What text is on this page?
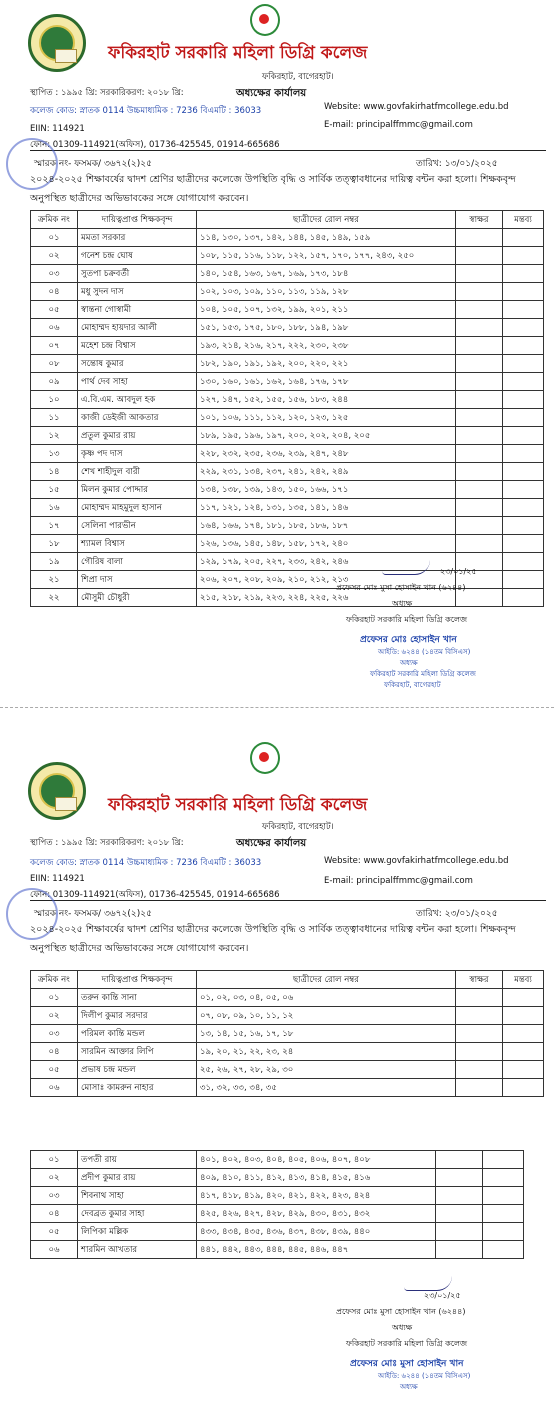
ফকিরহাট সরকারি মহিলা ডিগ্রি কলেজ
ফকিরহাট, বাগেরহাট।
স্থাপিত : ১৯৯৫ খ্রি: সরকারিকরণ: ২০১৮ খ্রি:	অধ্যক্ষের কার্যালয়
কলেজ কোড: স্নাতক 0114 উচ্চমাধ্যমিক : 7236 বিএমটি : 36033	Website: www.govfakirhatfmcollege.edu.bd
EIIN: 114921	E-mail: principalffmmc@gmail.com
ফোন: 01309-114921(অফিস), 01736-425545, 01914-665686
স্মারক নং- ফসমক/ ৩৬৭২(২)২৫	তারিখ: ১৩/০১/২০২৫
২০২৪-২০২৫ শিক্ষাবর্ষের দ্বাদশ শ্রেণির ছাত্রীদের কলেজে উপস্থিতি বৃদ্ধি ও সার্বিক তত্ত্বাবধানের দায়িত্ব বন্টন করা হলো। শিক্ষকবৃন্দ অনুপস্থিত ছাত্রীদের অভিভাবকের সঙ্গে যোগাযোগ করবেন।
ক্রমিক নং	দায়িত্বপ্রাপ্ত শিক্ষকবৃন্দ	ছাত্রীদের রোল নম্বর	স্বাক্ষর	মন্তব্য
০১	মমতা সরকার	১১৪, ১৩০, ১৩৭, ১৪২, ১৪৪, ১৪৫, ১৪৯, ১৫৯		
০২	গনেশ চন্দ্র ঘোষ	১০৮, ১১৫, ১১৬, ১১৮, ১২২, ১৫৭, ১৭০, ১৭৭, ২৪৩, ২৫০		
০৩	সুতপা চক্রবর্তী	১৪০, ১৫৪, ১৬৩, ১৬৭, ১৬৯, ১৭৩, ১৮৪		
০৪	মধু সুদন দাস	১০২, ১০৩, ১০৯, ১১০, ১১৩, ১১৯, ১২৮		
০৫	স্বান্তনা গোস্বামী	১০৪, ১০৫, ১০৭, ১৩২, ১৯৯, ২০১, ২১১		
০৬	মোহাম্মদ হায়দার আলী	১৫১, ১৫৩, ১৭৫, ১৮০, ১৮৮, ১৯৪, ১৯৮		
০৭	মহেশ চন্দ্র বিশ্বাস	১৯৩, ২১৪, ২১৬, ২১৭, ২২২, ২৩০, ২৩৮		
০৮	সন্তোষ কুমার	১৮২, ১৯০, ১৯১, ১৯২, ২০০, ২২০, ২২১		
০৯	পার্থ দেব সাহা	১৩০, ১৬০, ১৬১, ১৬২, ১৬৪, ১৭৬, ১৭৮		
১০	এ.বি.এম. আবদুল হক	১২৭, ১৪৭, ১৫২, ১৫৫, ১৫৬, ১৮৩, ২৪৪		
১১	কাজী ডেইজী আকতার	১০১, ১০৬, ১১১, ১১২, ১২০, ১২৩, ১২৫		
১২	প্রতুল কুমার রায়	১৮৯, ১৯৫, ১৯৬, ১৯৭, ২০০, ২০২, ২০৪, ২০৫		
১৩	কৃষ্ণ পদ দাস	২২৮, ২৩২, ২৩৫, ২৩৬, ২৩৯, ২৪৭, ২৪৮		
১৪	শেখ শাহীদুল বারী	২২৯, ২৩১, ১৩৪, ২৩৭, ২৪১, ২৪২, ২৪৯		
১৫	মিলন কুমার পোদ্দার	১৩৪, ১৩৮, ১৩৯, ১৪৩, ১৫০, ১৬৬, ১৭১		
১৬	মোহাম্মদ মাহমুদুল হাসান	১১৭, ১২১, ১২৪, ১৩১, ১৩৫, ১৪১, ১৪৬		
১৭	সেলিনা পারভীন	১৬৪, ১৬৬, ১৭৪, ১৮১, ১৮৫, ১৮৬, ১৮৭		
১৮	শ্যামল বিশ্বাস	১২৬, ১৩৬, ১৪৫, ১৪৮, ১৫৮, ১৭২, ২৪০		
১৯	গৌরিষ বালা	১২৯, ১৭৯, ২০৫, ২২৭, ২৩৩, ২৪২, ২৪৬		
২১	শিপ্রা দাস	২০৬, ২০৭, ২০৮, ২০৯, ২১০, ২১২, ২১৩		
২২	মৌসুমী চৌধুরী	২১৫, ২১৮, ২১৯, ২২৩, ২২৪, ২২৫, ২২৬		
২৩/০১/২৫
প্রফেসর মোঃ মুসা হোসাইন খান (৬২৪৪)
অধ্যক্ষ
ফকিরহাট সরকারি মহিলা ডিগ্রি কলেজ
প্রফেসর মোঃ হোসাইন খান
আইডি: ৬২৪৪ (১৪তম বিসিএস)
অধ্যক্ষ
ফকিরহাট সরকারি মহিলা ডিগ্রি কলেজ
ফকিরহাট, বাগেরহাট
ফকিরহাট সরকারি মহিলা ডিগ্রি কলেজ
ফকিরহাট, বাগেরহাট।
স্থাপিত : ১৯৯৫ খ্রি: সরকারিকরণ: ২০১৮ খ্রি:	অধ্যক্ষের কার্যালয়
কলেজ কোড: স্নাতক 0114 উচ্চমাধ্যমিক : 7236 বিএমটি : 36033	Website: www.govfakirhatfmcollege.edu.bd
EIIN: 114921	E-mail: principalffmmc@gmail.com
ফোন: 01309-114921(অফিস), 01736-425545, 01914-665686
স্মারক নং- ফসমক/ ৩৬৭২(২)২৫	তারিখ: ২৩/০১/২০২৫
২০২৪-২০২৫ শিক্ষাবর্ষের দ্বাদশ শ্রেণির ছাত্রীদের কলেজে উপস্থিতি বৃদ্ধি ও সার্বিক তত্ত্বাবধানের দায়িত্ব বন্টন করা হলো। শিক্ষকবৃন্দ অনুপস্থিত ছাত্রীদের অভিভাবকের সঙ্গে যোগাযোগ করবেন।
ক্রমিক নং	দায়িত্বপ্রাপ্ত শিক্ষকবৃন্দ	ছাত্রীদের রোল নম্বর	স্বাক্ষর	মন্তব্য
০১	তরুন কান্তি সানা	০১, ০২, ০৩, ০৪, ০৫, ০৬		
০২	দিলীপ কুমার সরদার	০৭, ০৮, ০৯, ১০, ১১, ১২		
০৩	পরিমল কান্তি মন্ডল	১৩, ১৪, ১৫, ১৬, ১৭, ১৮		
০৪	সারমিন আক্তার লিপি	১৯, ২০, ২১, ২২, ২৩, ২৪		
০৫	প্রভাষ চন্দ্র মন্ডল	২৫, ২৬, ২৭, ২৮, ২৯, ৩০		
০৬	মোসাঃ কামরুন নাহার	৩১, ৩২, ৩৩, ৩৪, ৩৫		
০১	তপতী রায়	৪০১, ৪০২, ৪০৩, ৪০৪, ৪০৫, ৪০৬, ৪০৭, ৪০৮		
০২	প্রদীপ কুমার রায়	৪০৯, ৪১০, ৪১১, ৪১২, ৪১৩, ৪১৪, ৪১৫, ৪১৬		
০৩	শিবনাথ সাহা	৪১৭, ৪১৮, ৪১৯, ৪২০, ৪২১, ৪২২, ৪২৩, ৪২৪		
০৪	দেবব্রত কুমার সাহা	৪২৫, ৪২৬, ৪২৭, ৪২৮, ৪২৯, ৪৩০, ৪৩১, ৪৩২		
০৫	লিপিকা মল্লিক	৪৩৩, ৪৩৪, ৪৩৫, ৪৩৬, ৪৩৭, ৪৩৮, ৪৩৯, ৪৪০		
০৬	শারমিন আখতার	৪৪১, ৪৪২, ৪৪৩, ৪৪৪, ৪৪৫, ৪৪৬, ৪৪৭		
২৩/০১/২৫
প্রফেসর মোঃ মুসা হোসাইন খান (৬২৪৪)
অধ্যক্ষ
ফকিরহাট সরকারি মহিলা ডিগ্রি কলেজ
প্রফেসর মোঃ মুসা হোসাইন খান
আইডি: ৬২৪৪ (১৪তম বিসিএস)
অধ্যক্ষ
